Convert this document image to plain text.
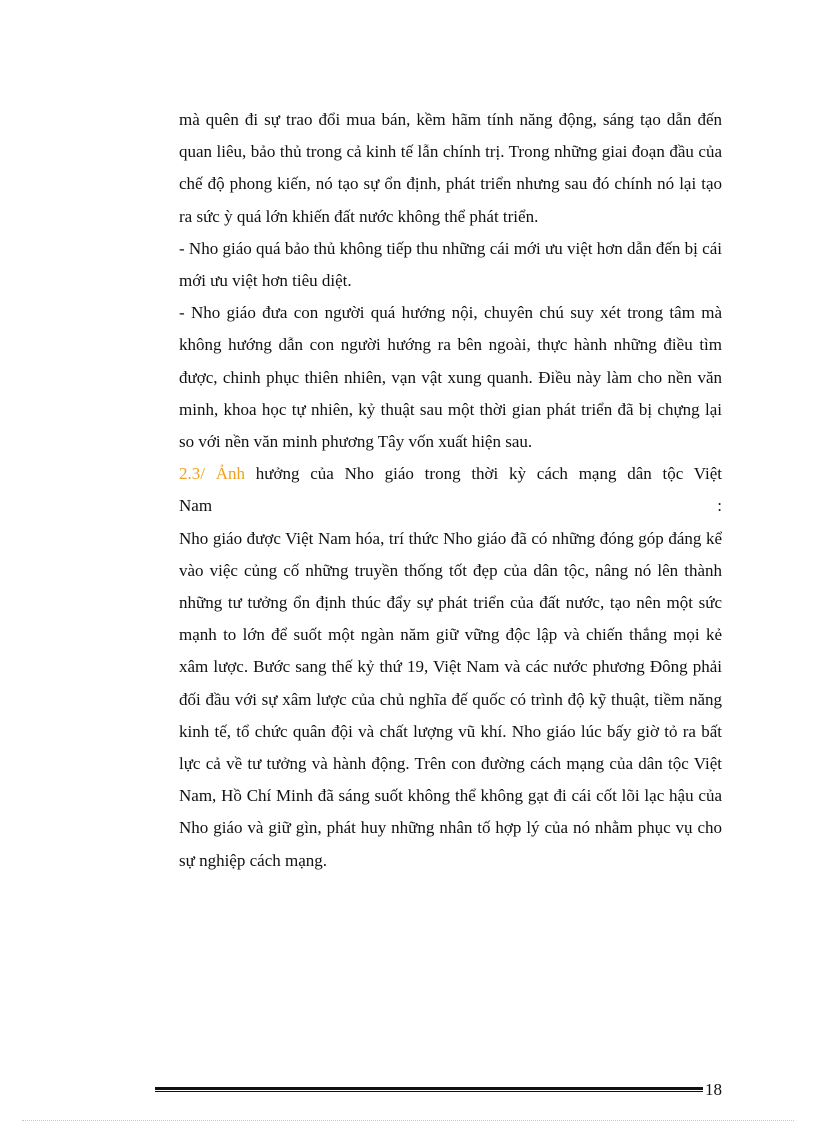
mà quên đi sự trao đổi mua bán, kềm hãm tính năng động, sáng tạo dẫn đến quan liêu, bảo thủ trong cả kinh tế lẫn chính trị. Trong những giai đoạn đầu của chế độ phong kiến, nó tạo sự ổn định, phát triển nhưng sau đó chính nó lại tạo ra sức ỳ quá lớn khiến đất nước không thể phát triển.

- Nho giáo quá bảo thủ không tiếp thu những cái mới ưu việt hơn dẫn đến bị cái mới ưu việt hơn tiêu diệt.

- Nho giáo đưa con người quá hướng nội, chuyên chú suy xét trong tâm mà không hướng dẫn con người hướng ra bên ngoài, thực hành những điều tìm được, chinh phục thiên nhiên, vạn vật xung quanh. Điều này làm cho nền văn minh, khoa học tự nhiên, kỷ thuật sau một thời gian phát triển đã bị chựng lại so với nền văn minh phương Tây vốn xuất hiện sau.

2.3/ Ảnh hưởng của Nho giáo trong thời kỳ cách mạng dân tộc Việt

Nam	:

Nho giáo được Việt Nam hóa, trí thức Nho giáo đã có những đóng góp đáng kể vào việc củng cố những truyền thống tốt đẹp của dân tộc, nâng nó lên thành những tư tưởng ổn định thúc đẩy sự phát triển của đất nước, tạo nên một sức mạnh to lớn để suốt một ngàn năm giữ vững độc lập và chiến thắng mọi kẻ xâm lược. Bước sang thế kỷ thứ 19, Việt Nam và các nước phương Đông phải đối đầu với sự xâm lược của chủ nghĩa đế quốc có trình độ kỹ thuật, tiềm năng kinh tế, tổ chức quân đội và chất lượng vũ khí. Nho giáo lúc bấy giờ tỏ ra bất lực cả về tư tưởng và hành động. Trên con đường cách mạng của dân tộc Việt Nam, Hồ Chí Minh đã sáng suốt không thể không gạt đi cái cốt lõi lạc hậu của Nho giáo và giữ gìn, phát huy những nhân tố hợp lý của nó nhằm phục vụ cho sự nghiệp cách mạng.

18
